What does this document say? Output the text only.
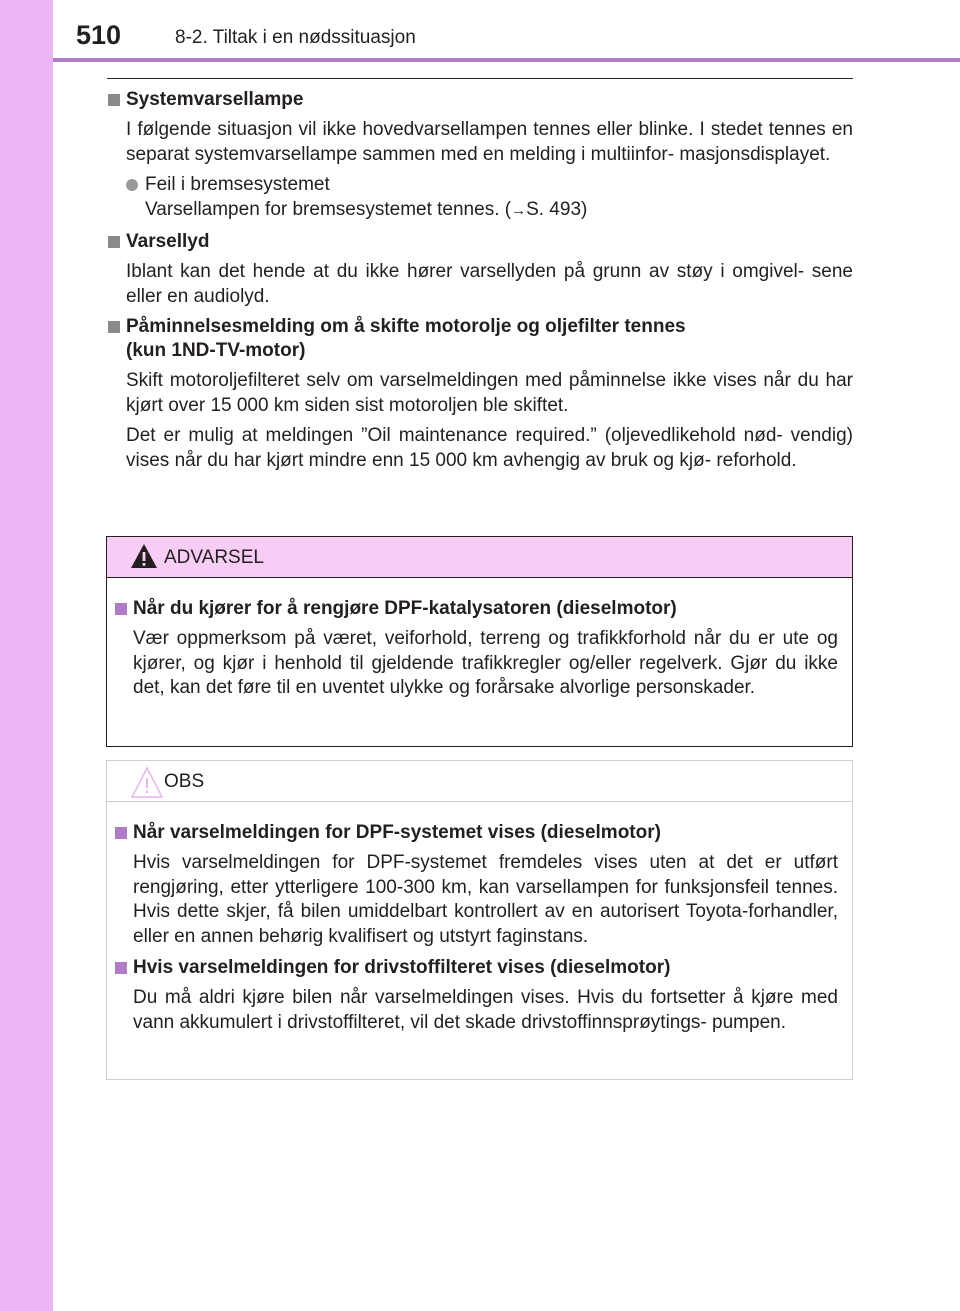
510	8-2. Tiltak i en nødssituasjon
Systemvarsellampe
I følgende situasjon vil ikke hovedvarsellampen tennes eller blinke. I stedet tennes en separat systemvarsellampe sammen med en melding i multiinfor- masjonsdisplayet.
Feil i bremsesystemet
Varsellampen for bremsesystemet tennes. (→S. 493)
Varsellyd
Iblant kan det hende at du ikke hører varsellyden på grunn av støy i omgivel- sene eller en audiolyd.
Påminnelsesmelding om å skifte motorolje og oljefilter tennes
(kun 1ND-TV-motor)
Skift motoroljefilteret selv om varselmeldingen med påminnelse ikke vises når du har kjørt over 15 000 km siden sist motoroljen ble skiftet.
Det er mulig at meldingen ”Oil maintenance required.” (oljevedlikehold nød- vendig) vises når du har kjørt mindre enn 15 000 km avhengig av bruk og kjø- reforhold.
ADVARSEL
Når du kjører for å rengjøre DPF-katalysatoren (dieselmotor)
Vær oppmerksom på været, veiforhold, terreng og trafikkforhold når du er ute og kjører, og kjør i henhold til gjeldende trafikkregler og/eller regelverk. Gjør du ikke det, kan det føre til en uventet ulykke og forårsake alvorlige personskader.
OBS
Når varselmeldingen for DPF-systemet vises (dieselmotor)
Hvis varselmeldingen for DPF-systemet fremdeles vises uten at det er utført rengjøring, etter ytterligere 100-300 km, kan varsellampen for funksjonsfeil tennes. Hvis dette skjer, få bilen umiddelbart kontrollert av en autorisert Toyota-forhandler, eller en annen behørig kvalifisert og utstyrt faginstans.
Hvis varselmeldingen for drivstoffilteret vises (dieselmotor)
Du må aldri kjøre bilen når varselmeldingen vises. Hvis du fortsetter å kjøre med vann akkumulert i drivstoffilteret, vil det skade drivstoffinnsprøytings- pumpen.
